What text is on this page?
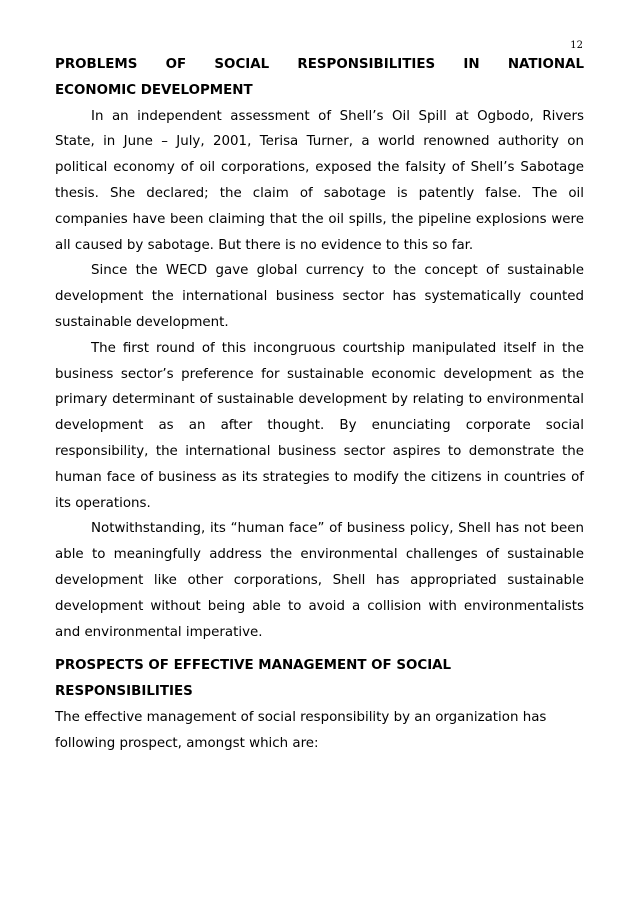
12
PROBLEMS OF SOCIAL RESPONSIBILITIES IN NATIONAL
ECONOMIC DEVELOPMENT

In an independent assessment of Shell’s Oil Spill at Ogbodo, Rivers State, in June – July, 2001, Terisa Turner, a world renowned authority on political economy of oil corporations, exposed the falsity of Shell’s Sabotage thesis. She declared; the claim of sabotage is patently false. The oil companies have been claiming that the oil spills, the pipeline explosions were all caused by sabotage. But there is no evidence to this so far.

Since the WECD gave global currency to the concept of sustainable development the international business sector has systematically counted sustainable development.

The first round of this incongruous courtship manipulated itself in the business sector’s preference for sustainable economic development as the primary determinant of sustainable development by relating to environmental development as an after thought. By enunciating corporate social responsibility, the international business sector aspires to demonstrate the human face of business as its strategies to modify the citizens in countries of its operations.

Notwithstanding, its “human face” of business policy, Shell has not been able to meaningfully address the environmental challenges of sustainable development like other corporations, Shell has appropriated sustainable development without being able to avoid a collision with environmentalists and environmental imperative.

PROSPECTS OF EFFECTIVE MANAGEMENT OF SOCIAL
RESPONSIBILITIES

The effective management of social responsibility by an organization has following prospect, amongst which are:
